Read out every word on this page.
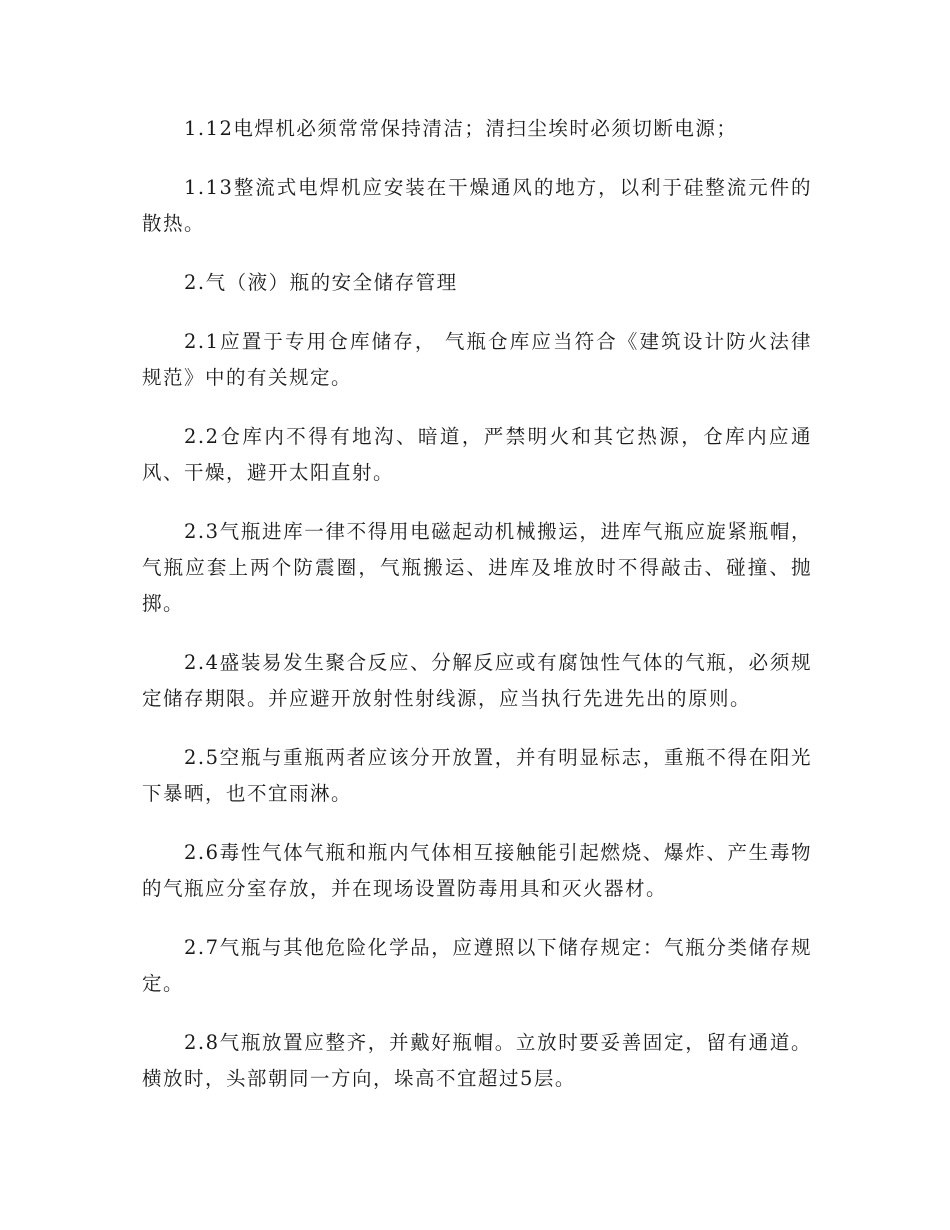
1.12电焊机必须常常保持清洁；清扫尘埃时必须切断电源；

1.13整流式电焊机应安装在干燥通风的地方，以利于硅整流元件的散热。

2.气（液）瓶的安全储存管理

2.1应置于专用仓库储存， 气瓶仓库应当符合《建筑设计防火法律规范》中的有关规定。

2.2仓库内不得有地沟、暗道，严禁明火和其它热源，仓库内应通风、干燥，避开太阳直射。

2.3气瓶进库一律不得用电磁起动机械搬运，进库气瓶应旋紧瓶帽，气瓶应套上两个防震圈，气瓶搬运、进库及堆放时不得敲击、碰撞、抛掷。

2.4盛装易发生聚合反应、分解反应或有腐蚀性气体的气瓶，必须规定储存期限。并应避开放射性射线源，应当执行先进先出的原则。

2.5空瓶与重瓶两者应该分开放置，并有明显标志，重瓶不得在阳光下暴晒，也不宜雨淋。

2.6毒性气体气瓶和瓶内气体相互接触能引起燃烧、爆炸、产生毒物的气瓶应分室存放，并在现场设置防毒用具和灭火器材。

2.7气瓶与其他危险化学品，应遵照以下储存规定：气瓶分类储存规定。

2.8气瓶放置应整齐，并戴好瓶帽。立放时要妥善固定，留有通道。横放时，头部朝同一方向，垛高不宜超过5层。
